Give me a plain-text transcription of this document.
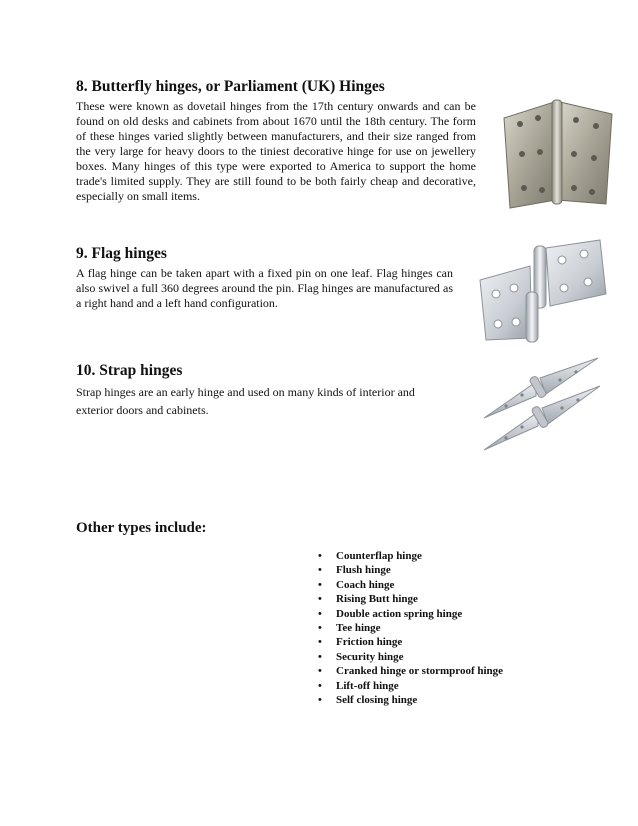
8. Butterfly hinges, or Parliament (UK) Hinges

These were known as dovetail hinges from the 17th century onwards and can be found on old desks and cabinets from about 1670 until the 18th century. The form of these hinges varied slightly between manufacturers, and their size ranged from the very large for heavy doors to the tiniest decorative hinge for use on jewellery boxes. Many hinges of this type were exported to America to support the home trade's limited supply. They are still found to be both fairly cheap and decorative, especially on small items.

9. Flag hinges

A flag hinge can be taken apart with a fixed pin on one leaf. Flag hinges can also swivel a full 360 degrees around the pin. Flag hinges are manufactured as a right hand and a left hand configuration.

10. Strap hinges

Strap hinges are an early hinge and used on many kinds of interior and exterior doors and cabinets.

Other types include:
• Counterflap hinge
• Flush hinge
• Coach hinge
• Rising Butt hinge
• Double action spring hinge
• Tee hinge
• Friction hinge
• Security hinge
• Cranked hinge or stormproof hinge
• Lift-off hinge
• Self closing hinge
